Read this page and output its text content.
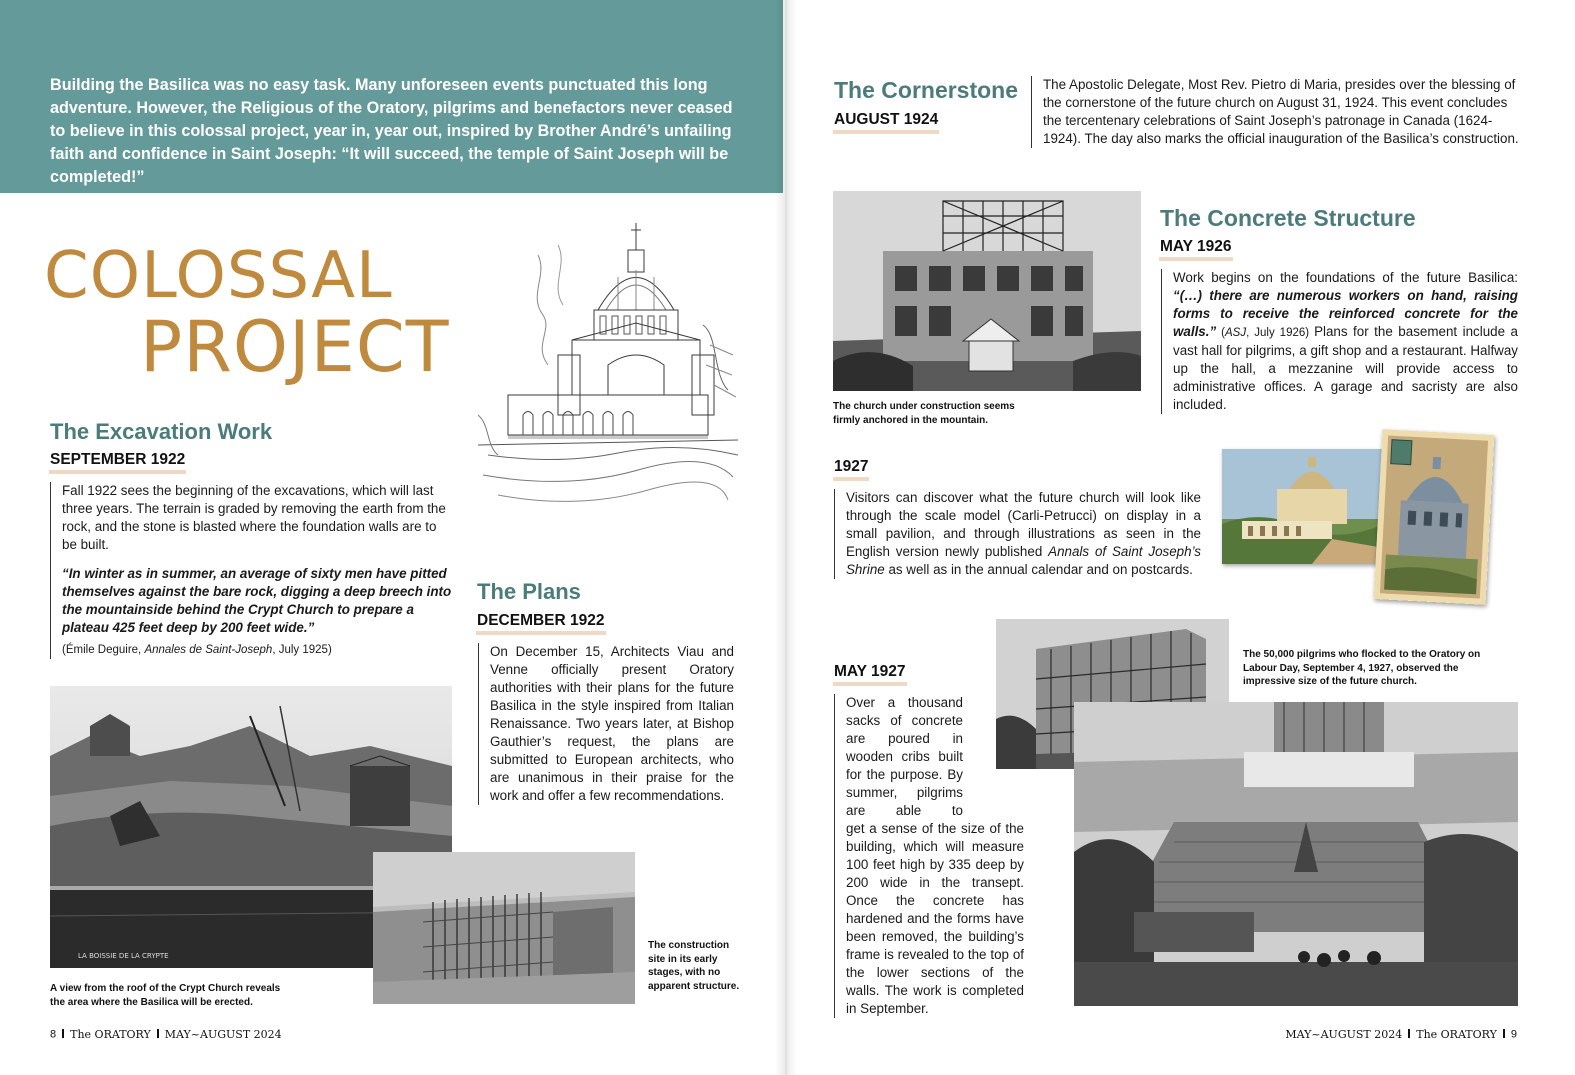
Building the Basilica was no easy task. Many unforeseen events punctuated this long adventure. However, the Religious of the Oratory, pilgrims and benefactors never ceased to believe in this colossal project, year in, year out, inspired by Brother André’s unfailing faith and confidence in Saint Joseph: “It will succeed, the temple of Saint Joseph will be completed!”
COLOSSAL
PROJECT
The Excavation Work
SEPTEMBER 1922

Fall 1922 sees the beginning of the excavations, which will last three years. The terrain is graded by removing the earth from the rock, and the stone is blasted where the foundation walls are to be built.

“In winter as in summer, an average of sixty men have pitted themselves against the bare rock, digging a deep breech into the mountainside behind the Crypt Church to prepare a plateau 425 feet deep by 200 feet wide.”

(Émile Deguire, Annales de Saint-Joseph, July 1925)

LA BOISSIE DE LA CRYPTE
A view from the roof of the Crypt Church reveals the area where the Basilica will be erected.
The construction site in its early stages, with no apparent structure.
The Plans
DECEMBER 1922
On December 15, Architects Viau and Venne officially present Oratory authorities with their plans for the future Basilica in the style inspired from Italian Renaissance. Two years later, at Bishop Gauthier’s request, the plans are submitted to European architects, who are unanimous in their praise for the work and offer a few recommendations.
8 The ORATORY MAY~AUGUST 2024
The Cornerstone
AUGUST 1924
The Apostolic Delegate, Most Rev. Pietro di Maria, presides over the blessing of the cornerstone of the future church on August 31, 1924. This event concludes the tercentenary celebrations of Saint Joseph’s patronage in Canada (1624-1924). The day also marks the official inauguration of the Basilica’s construction.
The church under construction seems firmly anchored in the mountain.
The Concrete Structure
MAY 1926
Work begins on the foundations of the future Basilica: “(…) there are numerous workers on hand, raising forms to receive the reinforced concrete for the walls.” (ASJ, July 1926) Plans for the basement include a vast hall for pilgrims, a gift shop and a restaurant. Halfway up the hall, a mezzanine will provide access to administrative offices. A garage and sacristy are also included.
1927
Visitors can discover what the future church will look like through the scale model (Carli-Petrucci) on display in a small pavilion, and through illustrations as seen in the English version newly published Annals of Saint Joseph’s Shrine as well as in the annual calendar and on postcards.
The 50,000 pilgrims who flocked to the Oratory on Labour Day, September 4, 1927, observed the impressive size of the future church.
MAY 1927
Over a thousand sacks of concrete are poured in wooden cribs built for the purpose. By summer, pilgrims are able to
get a sense of the size of the building, which will measure 100 feet high by 335 deep by 200 wide in the transept. Once the concrete has hardened and the forms have been removed, the building’s frame is revealed to the top of the lower sections of the walls. The work is completed in September.
MAY~AUGUST 2024 The ORATORY 9
